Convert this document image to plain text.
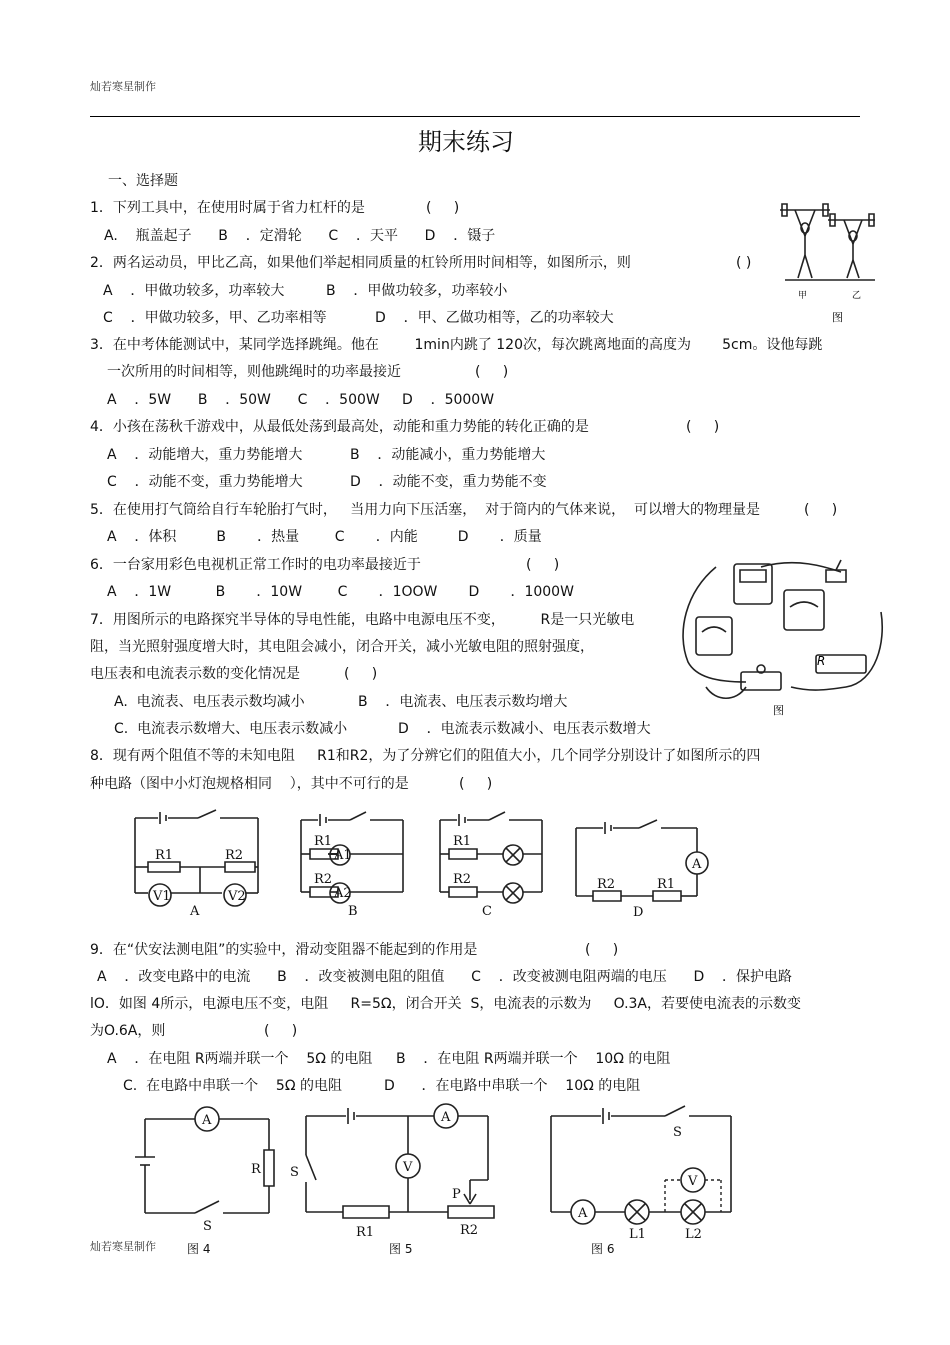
灿若寒星制作
期末练习
一、选择题
1．下列工具中，在使用时属于省力杠杆的是	(     )
A.    瓶盖起子      B    ．定滑轮      C    ．天平      D    ．镊子
2．两名运动员，甲比乙高，如果他们举起相同质量的杠铃所用时间相等，如图所示，则	( )
A    ．甲做功较多，功率较大	B    ．甲做功较多，功率较小
C    ．甲做功较多，甲、乙功率相等	D    ．甲、乙做功相等，乙的功率较大
甲	乙
图
3．在中考体能测试中，某同学选择跳绳。他在        1min内跳了 120次，每次跳离地面的高度为       5cm。设他每跳
一次所用的时间相等，则他跳绳时的功率最接近	(     )
A    ．5W      B    ．50W      C    ．500W     D    ．5000W
4．小孩在荡秋千游戏中，从最低处荡到最高处，动能和重力势能的转化正确的是	(     )
A    ．动能增大，重力势能增大	B    ．动能减小，重力势能增大
C    ．动能不变，重力势能增大	D    ．动能不变，重力势能不变
5．在使用打气筒给自行车轮胎打气时，   当用力向下压活塞，  对于筒内的气体来说，  可以增大的物理量是	(     )
A    ．体积         B       ．热量        C       ．内能         D       ．质量
6．一台家用彩色电视机正常工作时的电功率最接近于	(     )
A    ．1W          B       ．10W        C       ．1OOW       D       ．1000W
7．用图所示的电路探究半导体的导电性能，电路中电源电压不变，        R是一只光敏电
阻，当光照射强度增大时，其电阻会减小，闭合开关，减小光敏电阻的照射强度，
电压表和电流表示数的变化情况是	(     )
A.  电流表、电压表示数均减小	B    ．电流表、电压表示数均增大
C.  电流表示数增大、电压表示数减小	D    ．电流表示数减小、电压表示数增大
R
图
8．现有两个阻值不等的未知电阻     R1和R2，为了分辨它们的阻值大小，几个同学分别设计了如图所示的四
种电路（图中小灯泡规格相同    ），其中不可行的是	(     )
R1	R2
V1	V2
A
R1
A1
R2
A2
B
R1
R2
C
A
R2	R1
D
9．在“伏安法测电阻”的实验中，滑动变阻器不能起到的作用是	(     )
A    ．改变电路中的电流      B    ．改变被测电阻的阻值      C    ．改变被测电阻两端的电压      D    ．保护电路
lO．如图 4所示，电源电压不变，电阻     R=5Ω，闭合开关  S，电流表的示数为     O.3A，若要使电流表的示数变
为O.6A，则	(     )
A    ．在电阻 R两端并联一个    5Ω 的电阻 B    ．在电阻 R两端并联一个    10Ω 的电阻
C.  在电路中串联一个    5Ω 的电阻	D      ．在电路中串联一个    10Ω 的电阻
A
R
S
灿若寒星制作	图 4
A
V
S
P
R1	R2
图 5
A
V
S
L1	L2
图 6
